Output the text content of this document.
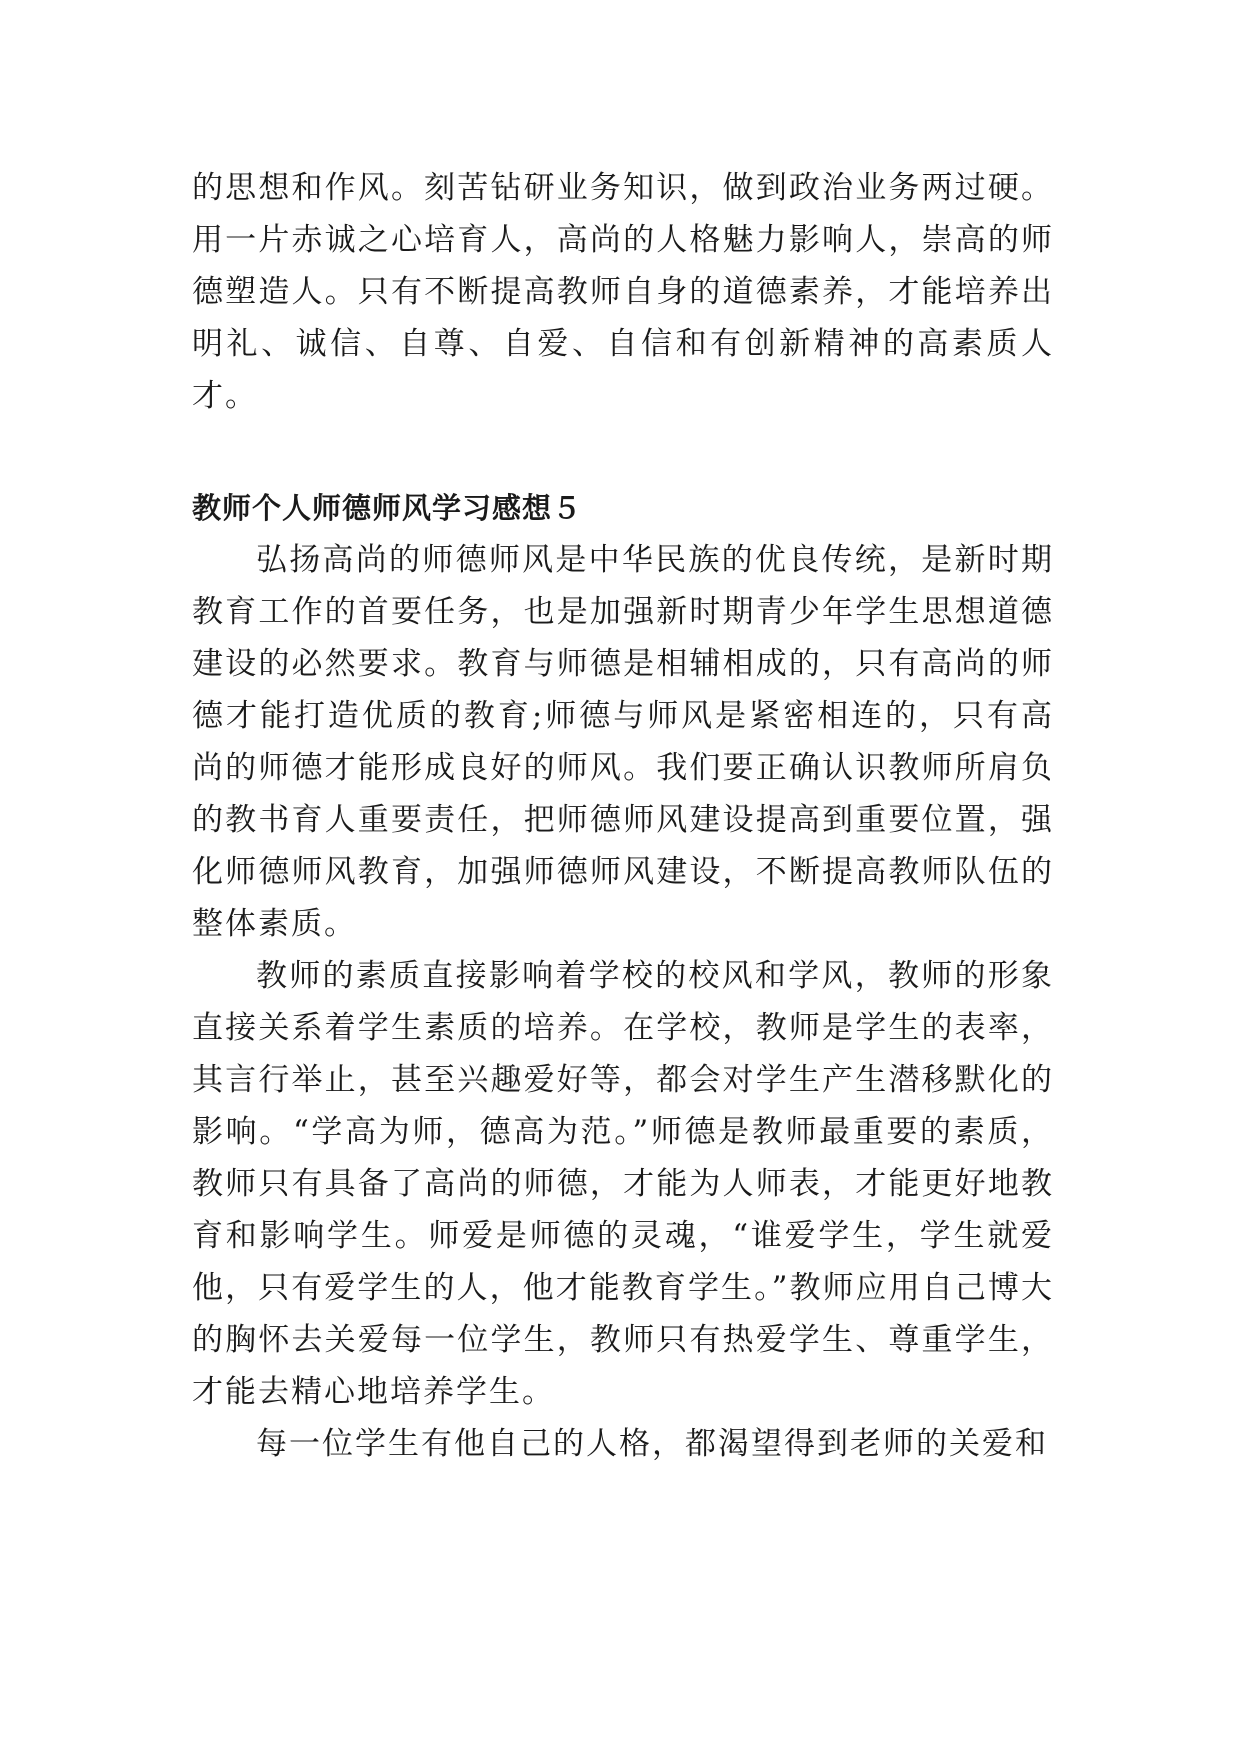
的思想和作风。刻苦钻研业务知识，做到政治业务两过硬。用一片赤诚之心培育人，高尚的人格魅力影响人，崇高的师德塑造人。只有不断提高教师自身的道德素养，才能培养出明礼、诚信、自尊、自爱、自信和有创新精神的高素质人才。

教师个人师德师风学习感想５

弘扬高尚的师德师风是中华民族的优良传统，是新时期教育工作的首要任务，也是加强新时期青少年学生思想道德建设的必然要求。教育与师德是相辅相成的，只有高尚的师德才能打造优质的教育;师德与师风是紧密相连的，只有高尚的师德才能形成良好的师风。我们要正确认识教师所肩负的教书育人重要责任，把师德师风建设提高到重要位置，强化师德师风教育，加强师德师风建设，不断提高教师队伍的整体素质。

教师的素质直接影响着学校的校风和学风，教师的形象直接关系着学生素质的培养。在学校，教师是学生的表率，其言行举止，甚至兴趣爱好等，都会对学生产生潜移默化的影响。“学高为师，德高为范。”师德是教师最重要的素质，教师只有具备了高尚的师德，才能为人师表，才能更好地教育和影响学生。师爱是师德的灵魂，“谁爱学生，学生就爱他，只有爱学生的人，他才能教育学生。”教师应用自己博大的胸怀去关爱每一位学生，教师只有热爱学生、尊重学生，才能去精心地培养学生。

每一位学生有他自己的人格，都渴望得到老师的关爱和
